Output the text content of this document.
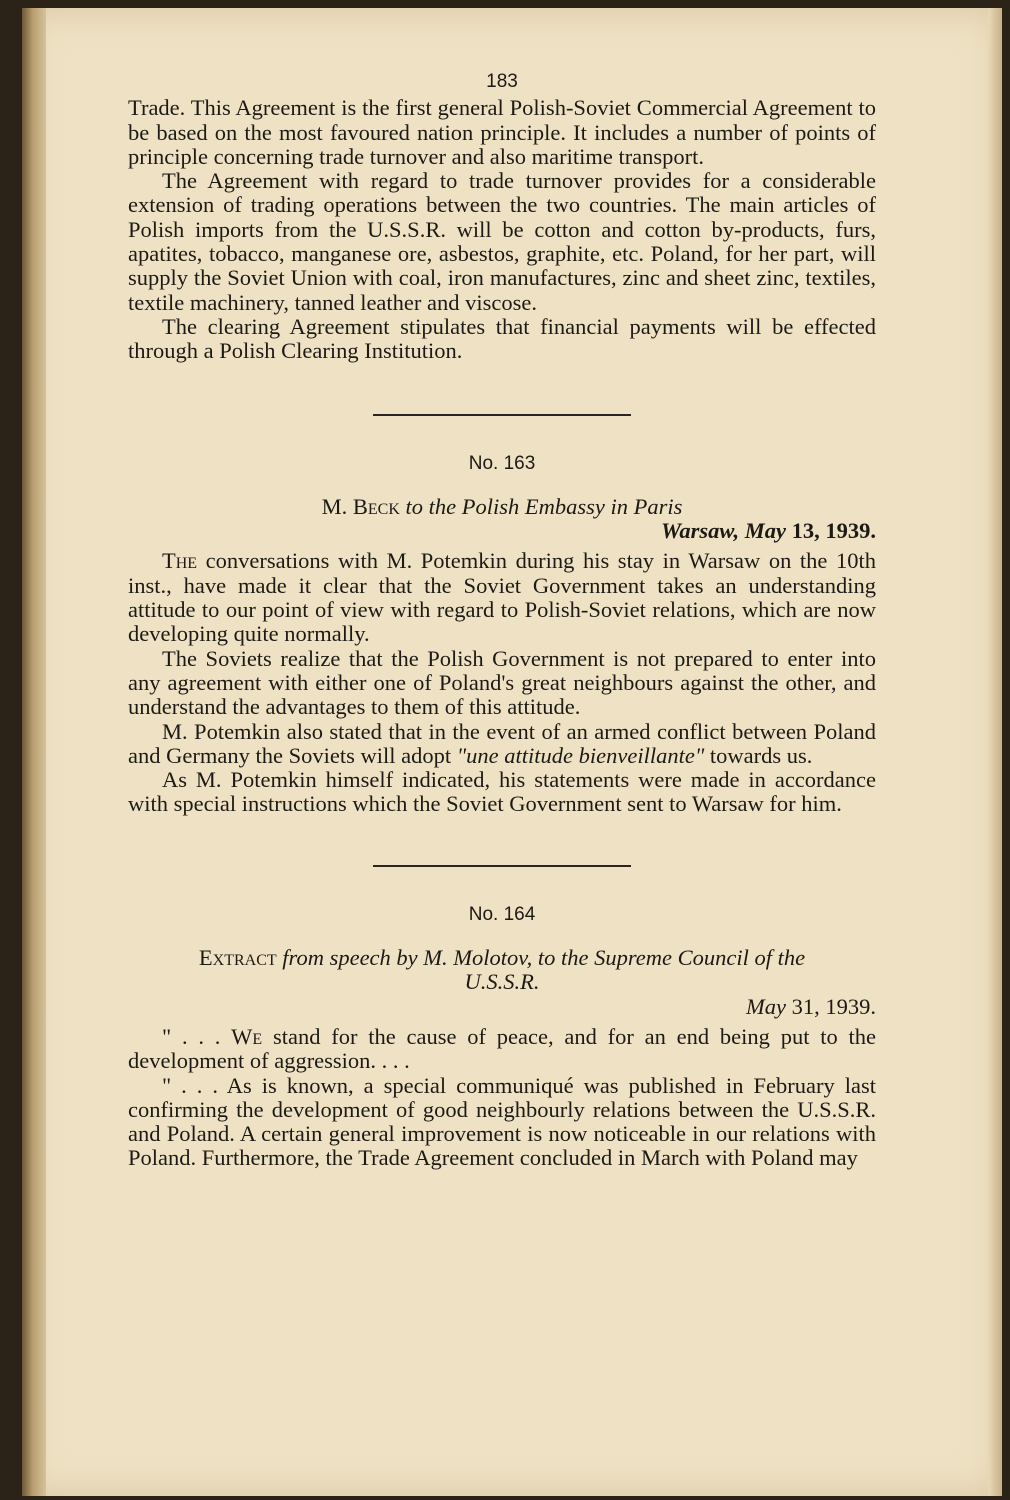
183

Trade. This Agreement is the first general Polish-Soviet Commercial Agreement to be based on the most favoured nation principle. It includes a number of points of principle concerning trade turnover and also maritime transport.

The Agreement with regard to trade turnover provides for a considerable extension of trading operations between the two countries. The main articles of Polish imports from the U.S.S.R. will be cotton and cotton by-products, furs, apatites, tobacco, manganese ore, asbestos, graphite, etc. Poland, for her part, will supply the Soviet Union with coal, iron manufactures, zinc and sheet zinc, textiles, textile machinery, tanned leather and viscose.

The clearing Agreement stipulates that financial payments will be effected through a Polish Clearing Institution.

No. 163
M. Beck to the Polish Embassy in Paris
Warsaw, May 13, 1939.

The conversations with M. Potemkin during his stay in Warsaw on the 10th inst., have made it clear that the Soviet Government takes an understanding attitude to our point of view with regard to Polish-Soviet relations, which are now developing quite normally.

The Soviets realize that the Polish Government is not prepared to enter into any agreement with either one of Poland's great neighbours against the other, and understand the advantages to them of this attitude.

M. Potemkin also stated that in the event of an armed conflict between Poland and Germany the Soviets will adopt "une attitude bienveillante" towards us.

As M. Potemkin himself indicated, his statements were made in accordance with special instructions which the Soviet Government sent to Warsaw for him.

No. 164
Extract from speech by M. Molotov, to the Supreme Council of the
U.S.S.R.
May 31, 1939.

" . . . We stand for the cause of peace, and for an end being put to the development of aggression. . . .

" . . . As is known, a special communiqué was published in February last confirming the development of good neighbourly relations between the U.S.S.R. and Poland. A certain general improvement is now noticeable in our relations with Poland. Furthermore, the Trade Agreement concluded in March with Poland may
